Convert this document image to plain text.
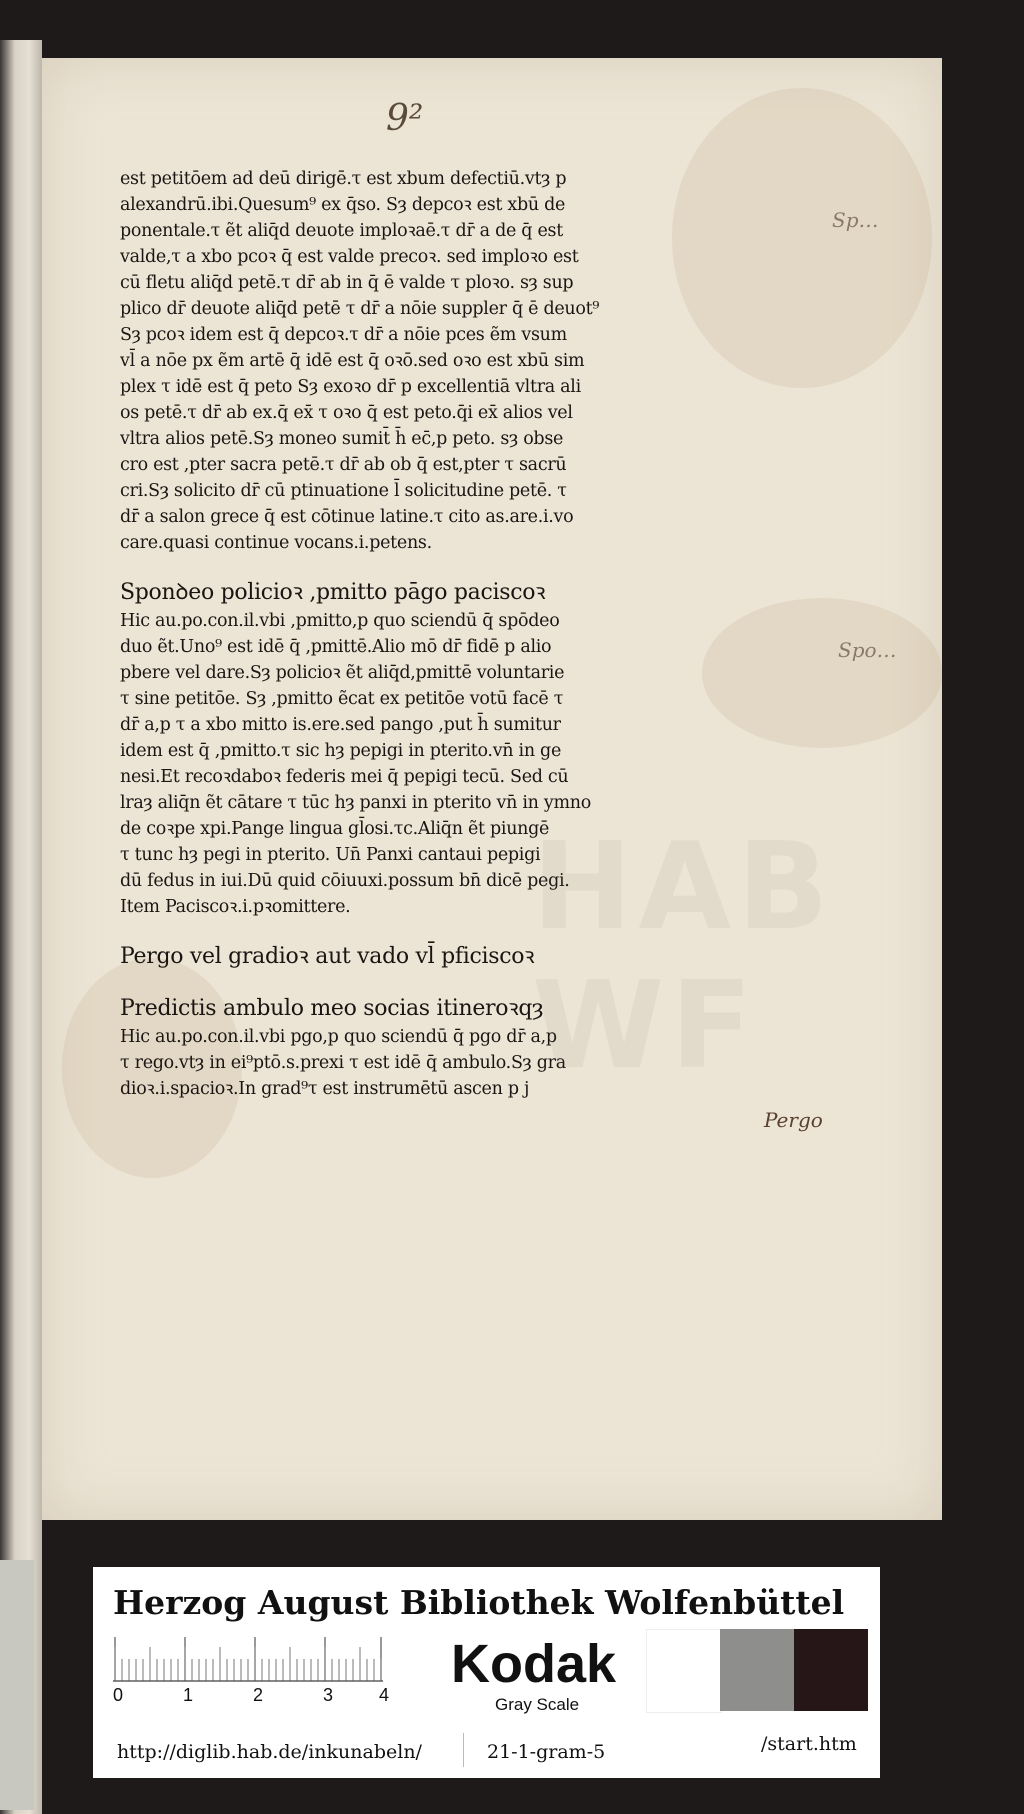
9²
est petitōem ad deū dirigē.τ est xbum defectiū.vtȝ p
alexandrū.ibi.Quesum⁹ ex q̄so. Sȝ depcoꝛ est xbū de
ponentale.τ ẽt aliq̄d deuote imploꝛaē.τ dr̄ a de q̄ est
valde,τ a xbo pcoꝛ q̄ est valde precoꝛ. sed imploꝛo est
cū fletu aliq̄d petē.τ dr̄ ab in q̄ ē valde τ ploꝛo. sȝ sup
plico dr̄ deuote aliq̄d petē τ dr̄ a nōie suppler q̄ ē deuot⁹
Sȝ pcoꝛ idem est q̄ depcoꝛ.τ dr̄ a nōie pces ẽm vsum
vl̄ a nōe px ẽm artē q̄ idē est q̄ oꝛō.sed oꝛo est xbū sim
plex τ idē est q̄ peto Sȝ exoꝛo dr̄ p excellentiā vltra ali
os petē.τ dr̄ ab ex.q̄ ex̄ τ oꝛo q̄ est peto.q̄i ex̄ alios vel
vltra alios petē.Sȝ moneo sumit̄ h̄ ec̄,p peto. sȝ obse
cro est ,pter sacra petē.τ dr̄ ab ob q̄ est,pter τ sacrū
cri.Sȝ solicito dr̄ cū ptinuatione l̄ solicitudine petē. τ
dr̄ a salon grece q̄ est cōtinue latine.τ cito as.are.i.vo
care.quasi continue vocans.i.petens.
Sponꝺeo policioꝛ ,pmitto pāgo paciscoꝛ
Hic au.po.con.il.vbi ,pmitto,p quo sciendū q̄ spōdeo
duo ẽt.Uno⁹ est idē q̄ ,pmittē.Alio mō dr̄ fidē p alio
pbere vel dare.Sȝ policioꝛ ẽt aliq̄d,pmittē voluntarie
τ sine petitōe. Sȝ ,pmitto ẽcat ex petitōe votū facē τ
dr̄ a,p τ a xbo mitto is.ere.sed pango ,put h̄ sumitur
idem est q̄ ,pmitto.τ sic hȝ pepigi in pterito.vn̄ in ge
nesi.Et recoꝛdaboꝛ federis mei q̄ pepigi tecū. Sed cū
lraȝ aliq̄n ẽt cātare τ tūc hȝ panxi in pterito vn̄ in ymno
de coꝛpe xpi.Pange lingua gl̄osi.τc.Aliq̄n ẽt piungē
τ tunc hȝ pegi in pterito. Un̄ Panxi cantaui pepigi
dū fedus in iui.Dū quid cōiuuxi.possum bn̄ dicē pegi.
Item Paciscoꝛ.i.pꝛomittere.
Pergo vel gradioꝛ aut vado vl̄ pficiscoꝛ
Predictis ambulo meo socias itineroꝛqȝ
Hic au.po.con.il.vbi pgo,p quo sciendū q̄ pgo dr̄ a,p
τ rego.vtȝ in ei⁹ptō.s.prexi τ est idē q̄ ambulo.Sȝ gra
dioꝛ.i.spacioꝛ.In grad⁹τ est instrumētū ascen p j
Sp…
Spo…
Pergo
HAB WF
Herzog August Bibliothek Wolfenbüttel
0	1	2	3	4
Kodak
Gray Scale
http://diglib.hab.de/inkunabeln/	21-1-gram-5	/start.htm
